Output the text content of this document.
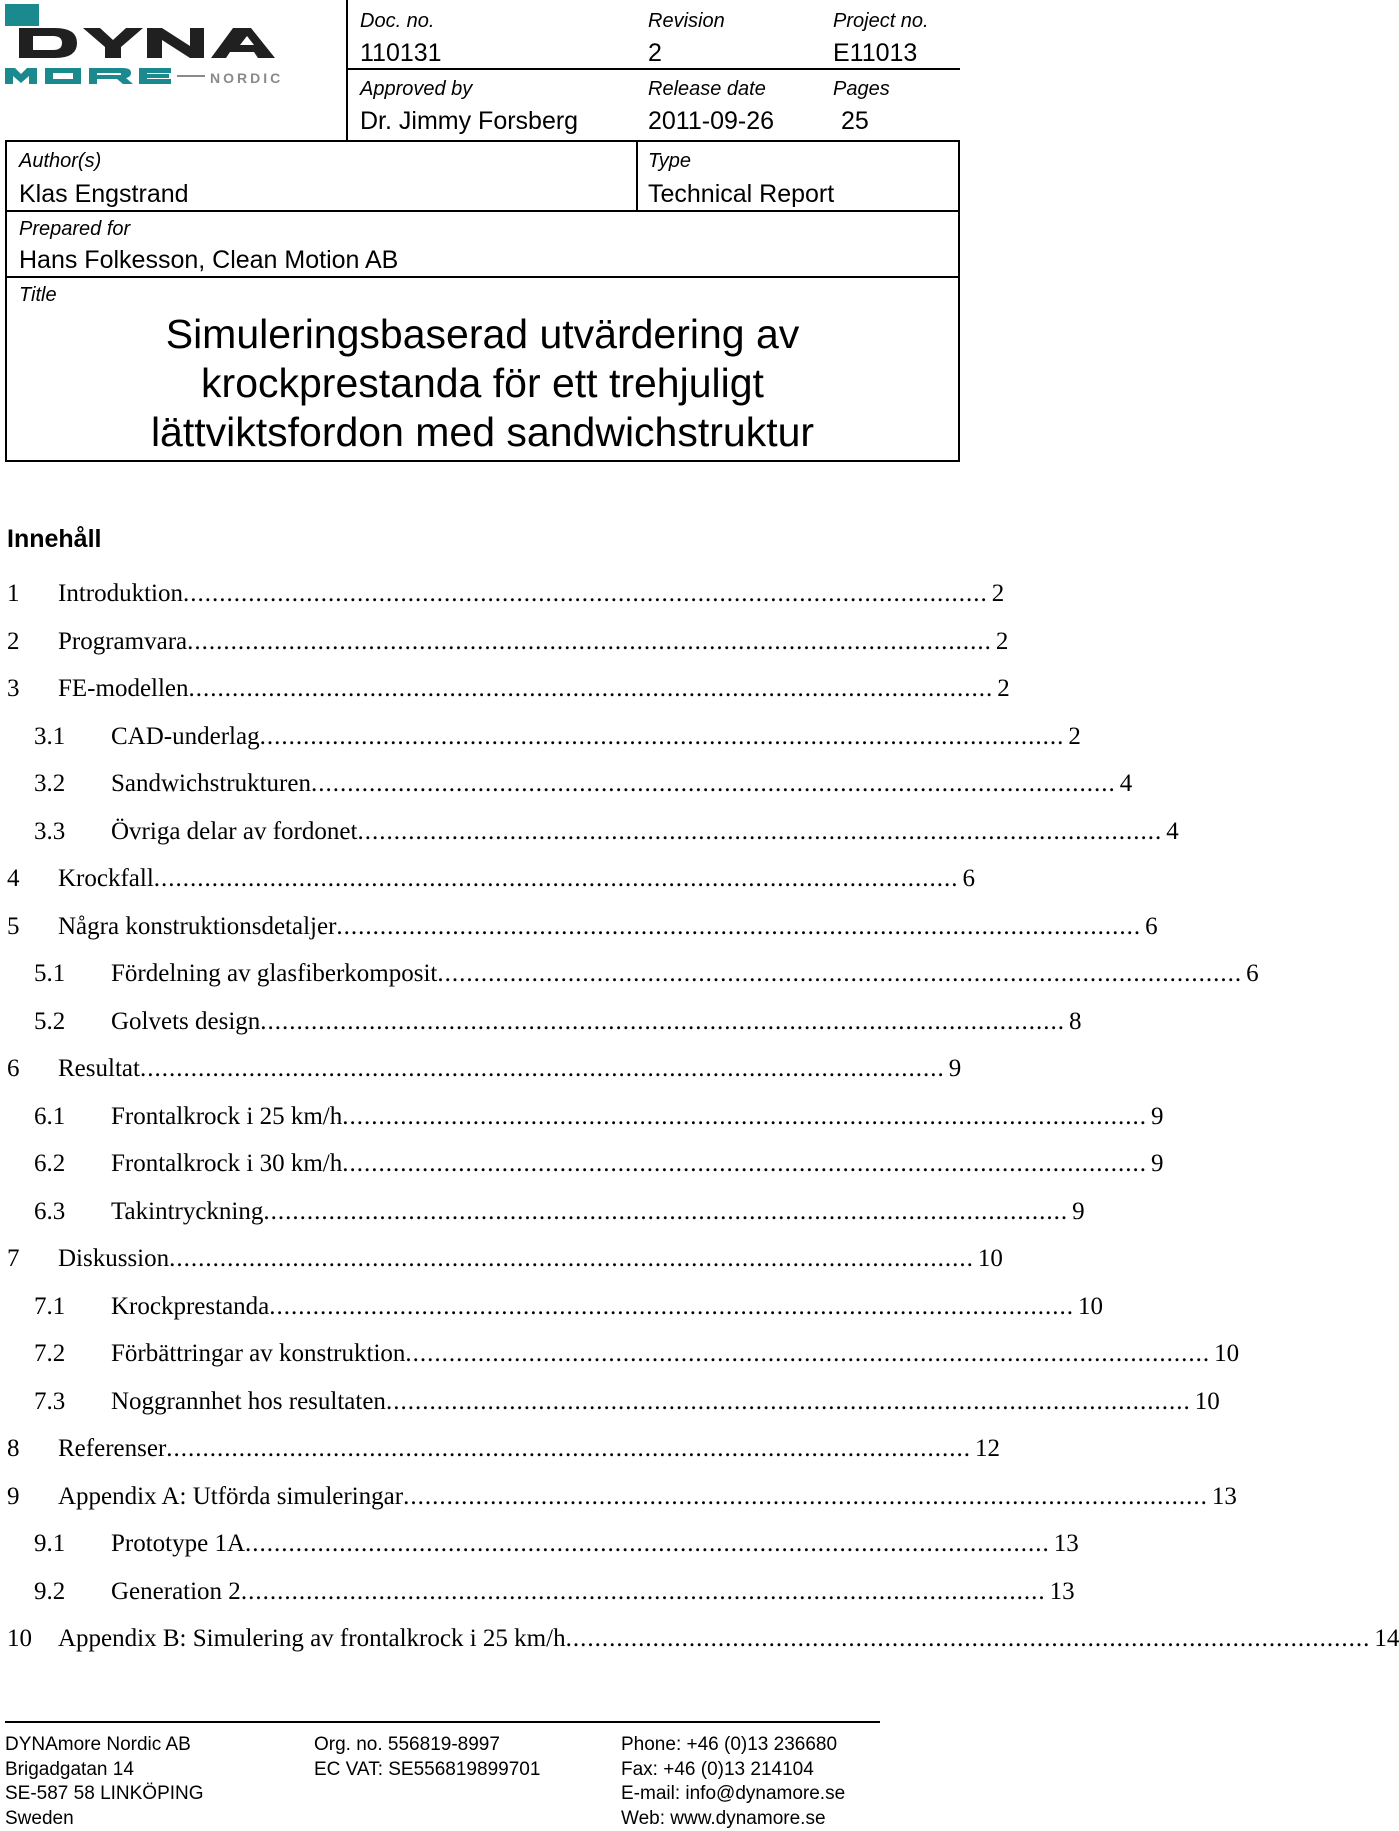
NORDIC
Doc. no.
110131
Revision
2
Project no.
E11013
Approved by
Dr. Jimmy Forsberg
Release date
2011-09-26
Pages
25
Author(s)
Klas Engstrand
Type
Technical Report
Prepared for
Hans Folkesson, Clean Motion AB
Title
Simuleringsbaserad utvärdering av
krockprestanda för ett trehjuligt
lättviktsfordon med sandwichstruktur
Innehåll
1 Introduktion ............................................................................................................... 2
2 Programvara ............................................................................................................... 2
3 FE-modellen ............................................................................................................... 2
3.1 CAD-underlag ............................................................................................................... 2
3.2 Sandwichstrukturen ............................................................................................................... 4
3.3 Övriga delar av fordonet ............................................................................................................... 4
4 Krockfall ............................................................................................................... 6
5 Några konstruktionsdetaljer ............................................................................................................... 6
5.1 Fördelning av glasfiberkomposit ............................................................................................................... 6
5.2 Golvets design ............................................................................................................... 8
6 Resultat ............................................................................................................... 9
6.1 Frontalkrock i 25 km/h ............................................................................................................... 9
6.2 Frontalkrock i 30 km/h ............................................................................................................... 9
6.3 Takintryckning ............................................................................................................... 9
7 Diskussion ............................................................................................................... 10
7.1 Krockprestanda ............................................................................................................... 10
7.2 Förbättringar av konstruktion ............................................................................................................... 10
7.3 Noggrannhet hos resultaten ............................................................................................................... 10
8 Referenser ............................................................................................................... 12
9 Appendix A: Utförda simuleringar ............................................................................................................... 13
9.1 Prototype 1A ............................................................................................................... 13
9.2 Generation 2 ............................................................................................................... 13
10 Appendix B: Simulering av frontalkrock i 25 km/h ............................................................................................................... 14
DYNAmore Nordic AB
Brigadgatan 14
SE-587 58 LINKÖPING
Sweden
Org. no. 556819-8997
EC VAT: SE556819899701
Phone: +46 (0)13 236680
Fax: +46 (0)13 214104
E-mail: info@dynamore.se
Web: www.dynamore.se
